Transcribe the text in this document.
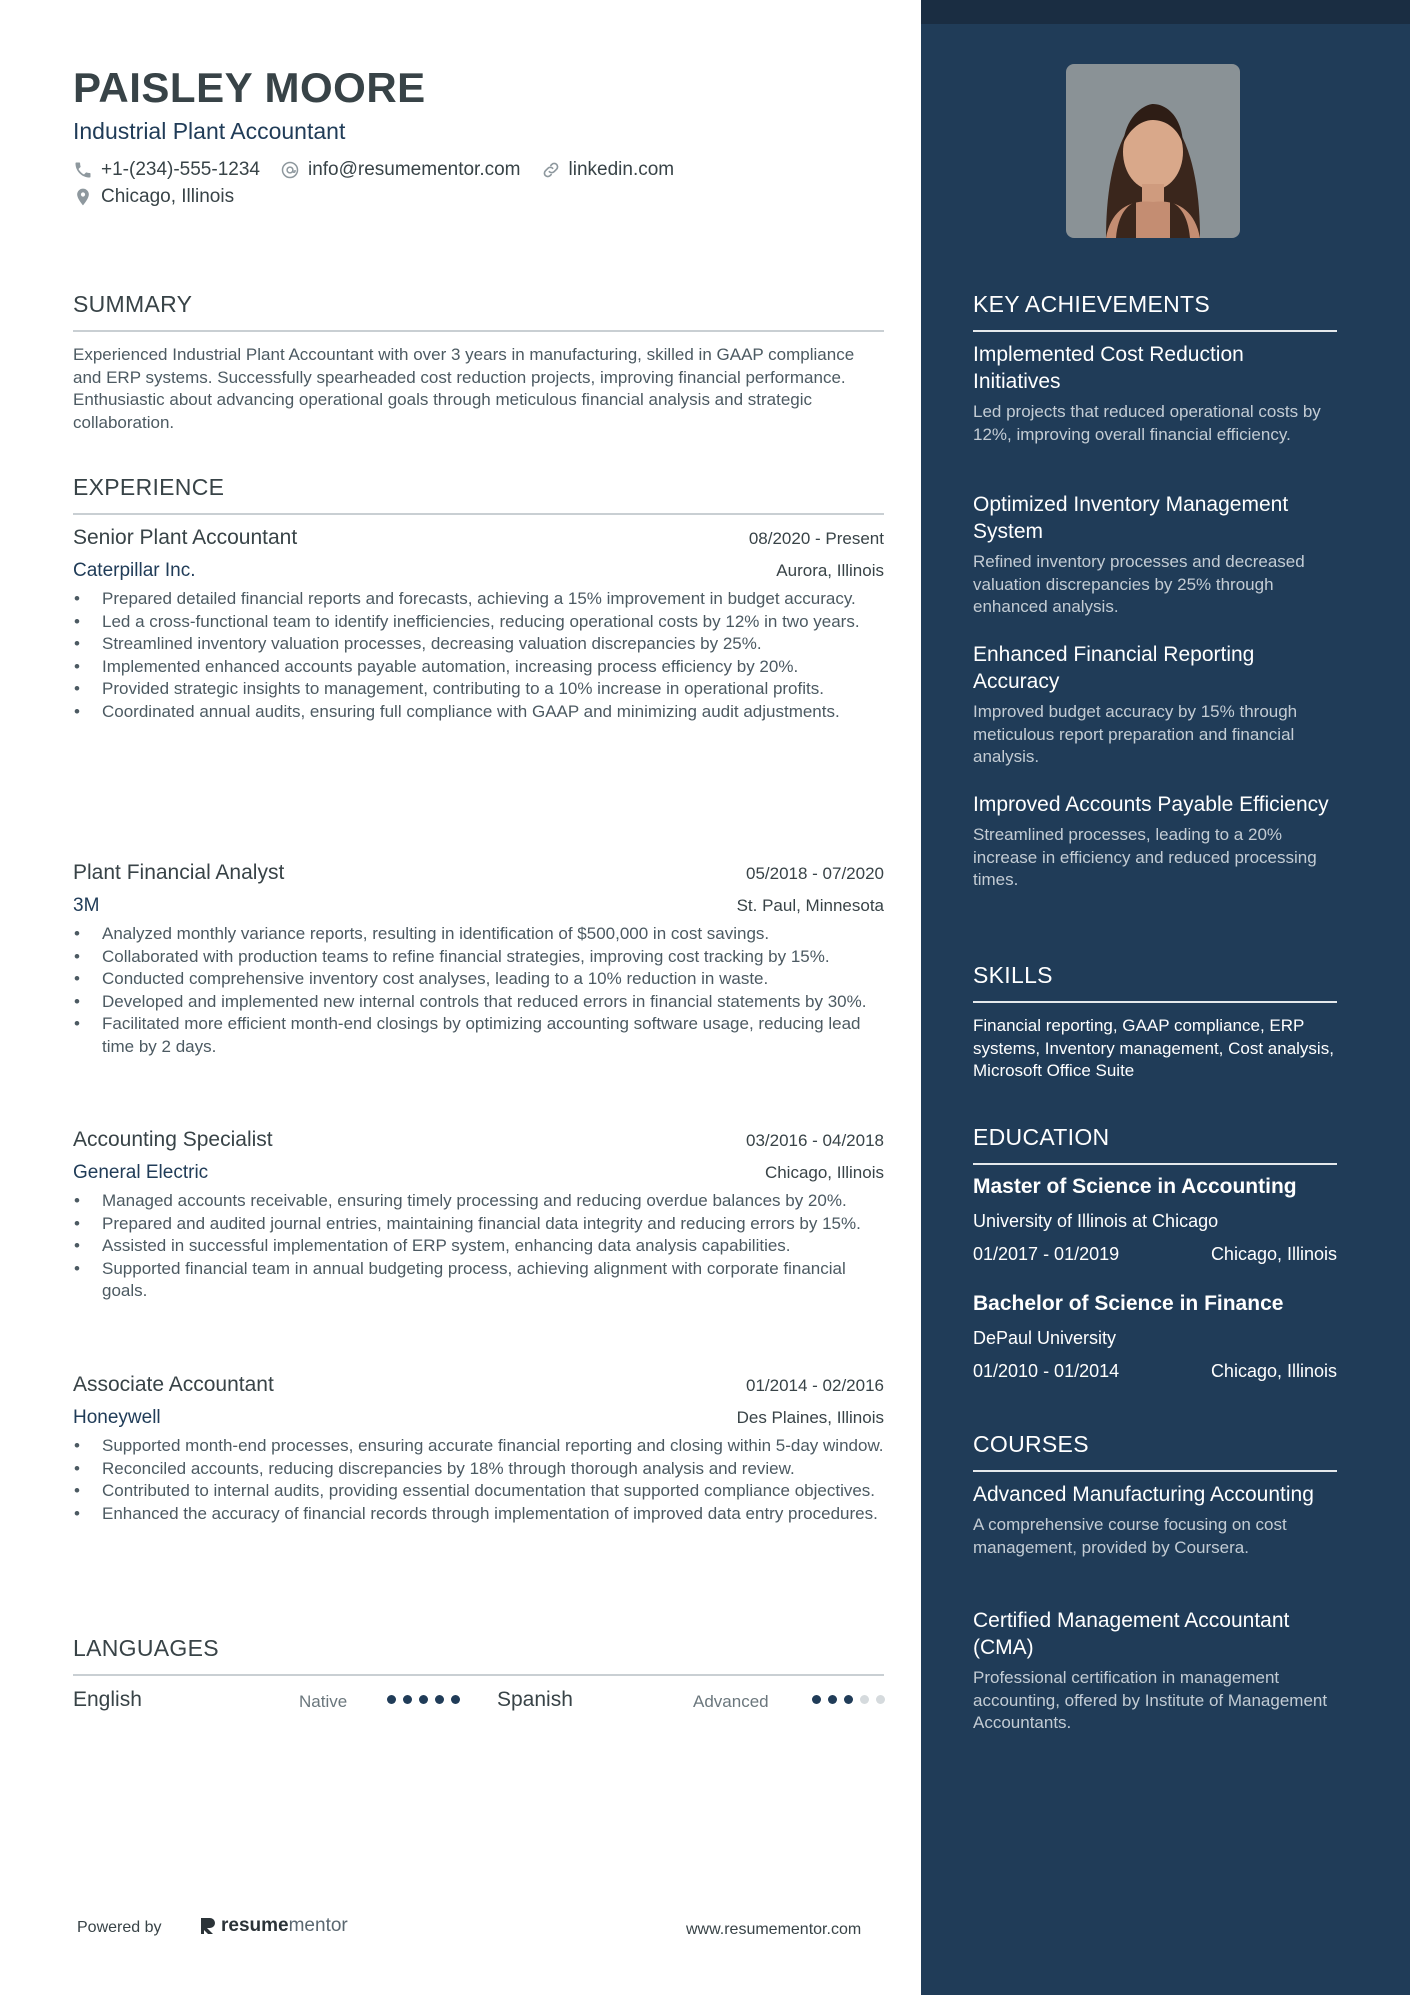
PAISLEY MOORE
Industrial Plant Accountant
+1-(234)-555-1234	info@resumementor.com	linkedin.com
Chicago, Illinois
SUMMARY
Experienced Industrial Plant Accountant with over 3 years in manufacturing, skilled in GAAP compliance and ERP systems. Successfully spearheaded cost reduction projects, improving financial performance. Enthusiastic about advancing operational goals through meticulous financial analysis and strategic collaboration.
EXPERIENCE
Senior Plant Accountant	08/2020 - Present
Caterpillar Inc.	Aurora, Illinois
• Prepared detailed financial reports and forecasts, achieving a 15% improvement in budget accuracy.
• Led a cross-functional team to identify inefficiencies, reducing operational costs by 12% in two years.
• Streamlined inventory valuation processes, decreasing valuation discrepancies by 25%.
• Implemented enhanced accounts payable automation, increasing process efficiency by 20%.
• Provided strategic insights to management, contributing to a 10% increase in operational profits.
• Coordinated annual audits, ensuring full compliance with GAAP and minimizing audit adjustments.
Plant Financial Analyst	05/2018 - 07/2020
3M	St. Paul, Minnesota
• Analyzed monthly variance reports, resulting in identification of $500,000 in cost savings.
• Collaborated with production teams to refine financial strategies, improving cost tracking by 15%.
• Conducted comprehensive inventory cost analyses, leading to a 10% reduction in waste.
• Developed and implemented new internal controls that reduced errors in financial statements by 30%.
• Facilitated more efficient month-end closings by optimizing accounting software usage, reducing lead time by 2 days.
Accounting Specialist	03/2016 - 04/2018
General Electric	Chicago, Illinois
• Managed accounts receivable, ensuring timely processing and reducing overdue balances by 20%.
• Prepared and audited journal entries, maintaining financial data integrity and reducing errors by 15%.
• Assisted in successful implementation of ERP system, enhancing data analysis capabilities.
• Supported financial team in annual budgeting process, achieving alignment with corporate financial goals.
Associate Accountant	01/2014 - 02/2016
Honeywell	Des Plaines, Illinois
• Supported month-end processes, ensuring accurate financial reporting and closing within 5-day window.
• Reconciled accounts, reducing discrepancies by 18% through thorough analysis and review.
• Contributed to internal audits, providing essential documentation that supported compliance objectives.
• Enhanced the accuracy of financial records through implementation of improved data entry procedures.
LANGUAGES
English	Native	Spanish	Advanced
Powered by	resume mentor	www.resumementor.com
KEY ACHIEVEMENTS
Implemented Cost Reduction Initiatives
Led projects that reduced operational costs by 12%, improving overall financial efficiency.
Optimized Inventory Management System
Refined inventory processes and decreased valuation discrepancies by 25% through enhanced analysis.
Enhanced Financial Reporting Accuracy
Improved budget accuracy by 15% through meticulous report preparation and financial analysis.
Improved Accounts Payable Efficiency
Streamlined processes, leading to a 20% increase in efficiency and reduced processing times.
SKILLS
Financial reporting, GAAP compliance, ERP systems, Inventory management, Cost analysis, Microsoft Office Suite
EDUCATION
Master of Science in Accounting
University of Illinois at Chicago
01/2017 - 01/2019	Chicago, Illinois
Bachelor of Science in Finance
DePaul University
01/2010 - 01/2014	Chicago, Illinois
COURSES
Advanced Manufacturing Accounting
A comprehensive course focusing on cost management, provided by Coursera.
Certified Management Accountant (CMA)
Professional certification in management accounting, offered by Institute of Management Accountants.
